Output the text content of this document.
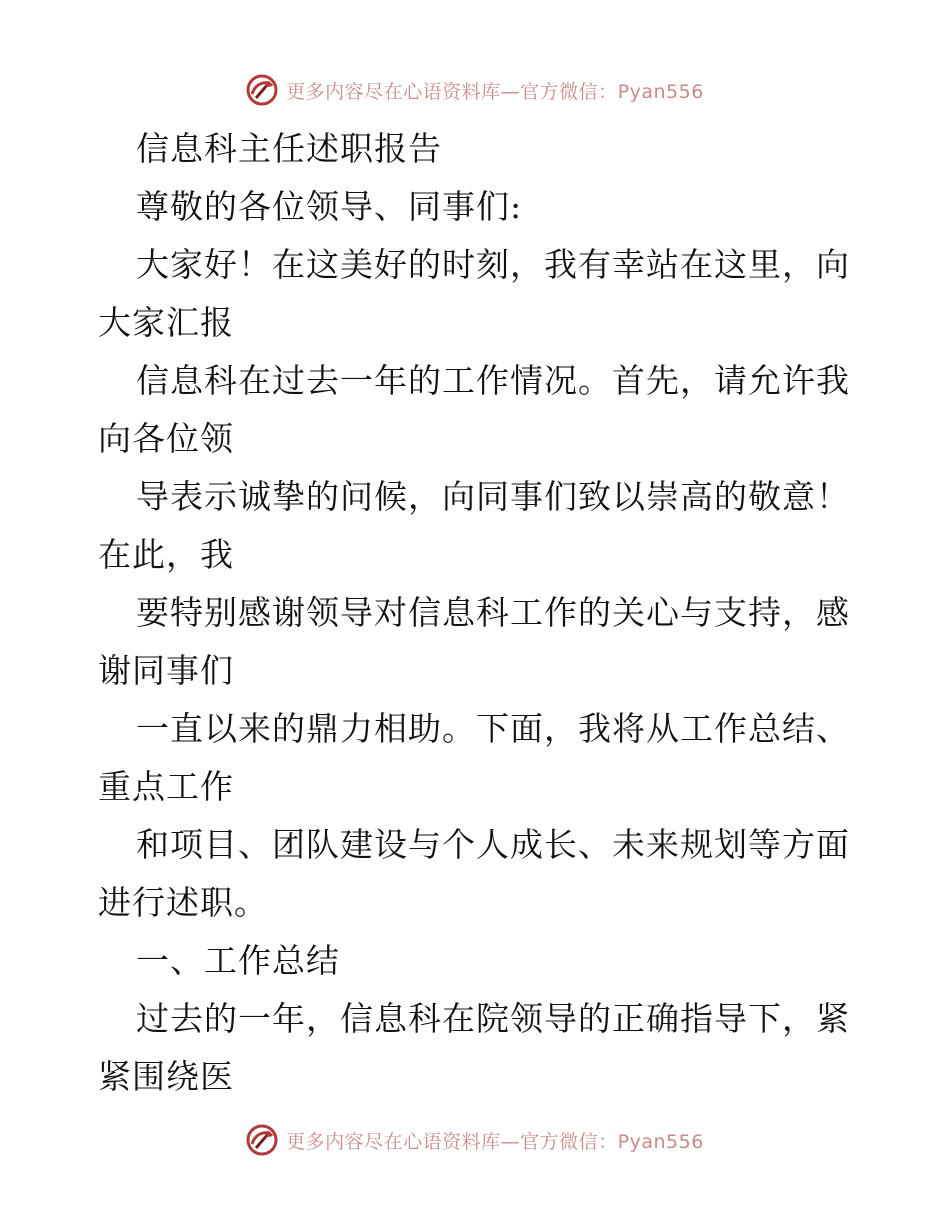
更多内容尽在心语资料库—官方微信：Pyan556

信息科主任述职报告

尊敬的各位领导、同事们:

大家好！在这美好的时刻，我有幸站在这里，向

大家汇报

信息科在过去一年的工作情况。首先，请允许我

向各位领

导表示诚挚的问候，向同事们致以崇高的敬意！

在此，我

要特别感谢领导对信息科工作的关心与支持，感

谢同事们

一直以来的鼎力相助。下面，我将从工作总结、

重点工作

和项目、团队建设与个人成长、未来规划等方面

进行述职。

一、工作总结

过去的一年，信息科在院领导的正确指导下，紧

紧围绕医

更多内容尽在心语资料库—官方微信：Pyan556
